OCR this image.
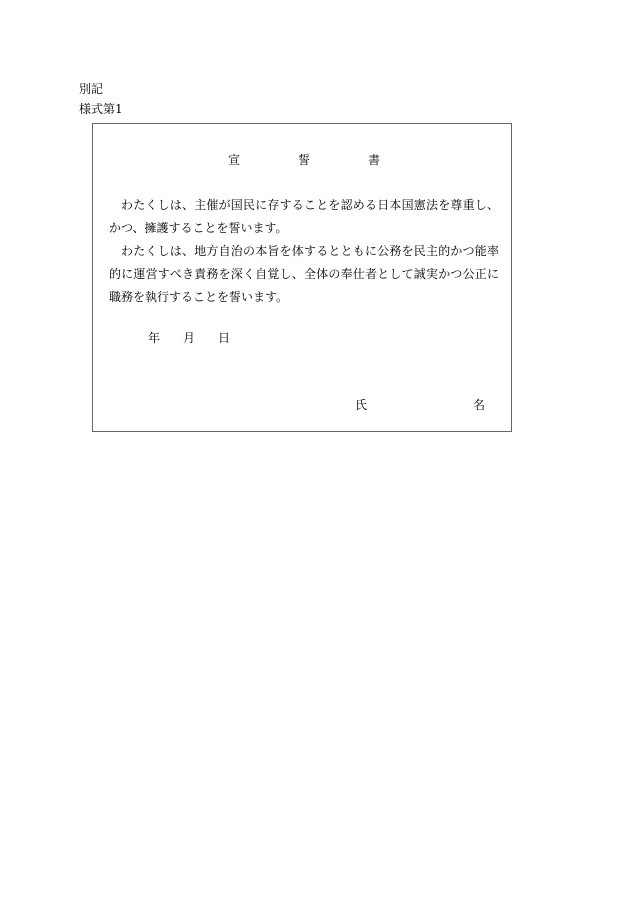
別記
様式第1
宣	誓	書

わたくしは、主催が国民に存することを認める日本国憲法を尊重し、かつ、擁護することを誓います。

わたくしは、地方自治の本旨を体するとともに公務を民主的かつ能率的に運営すべき責務を深く自覚し、全体の奉仕者として誠実かつ公正に職務を執行することを誓います。

年 月 日
氏	名
